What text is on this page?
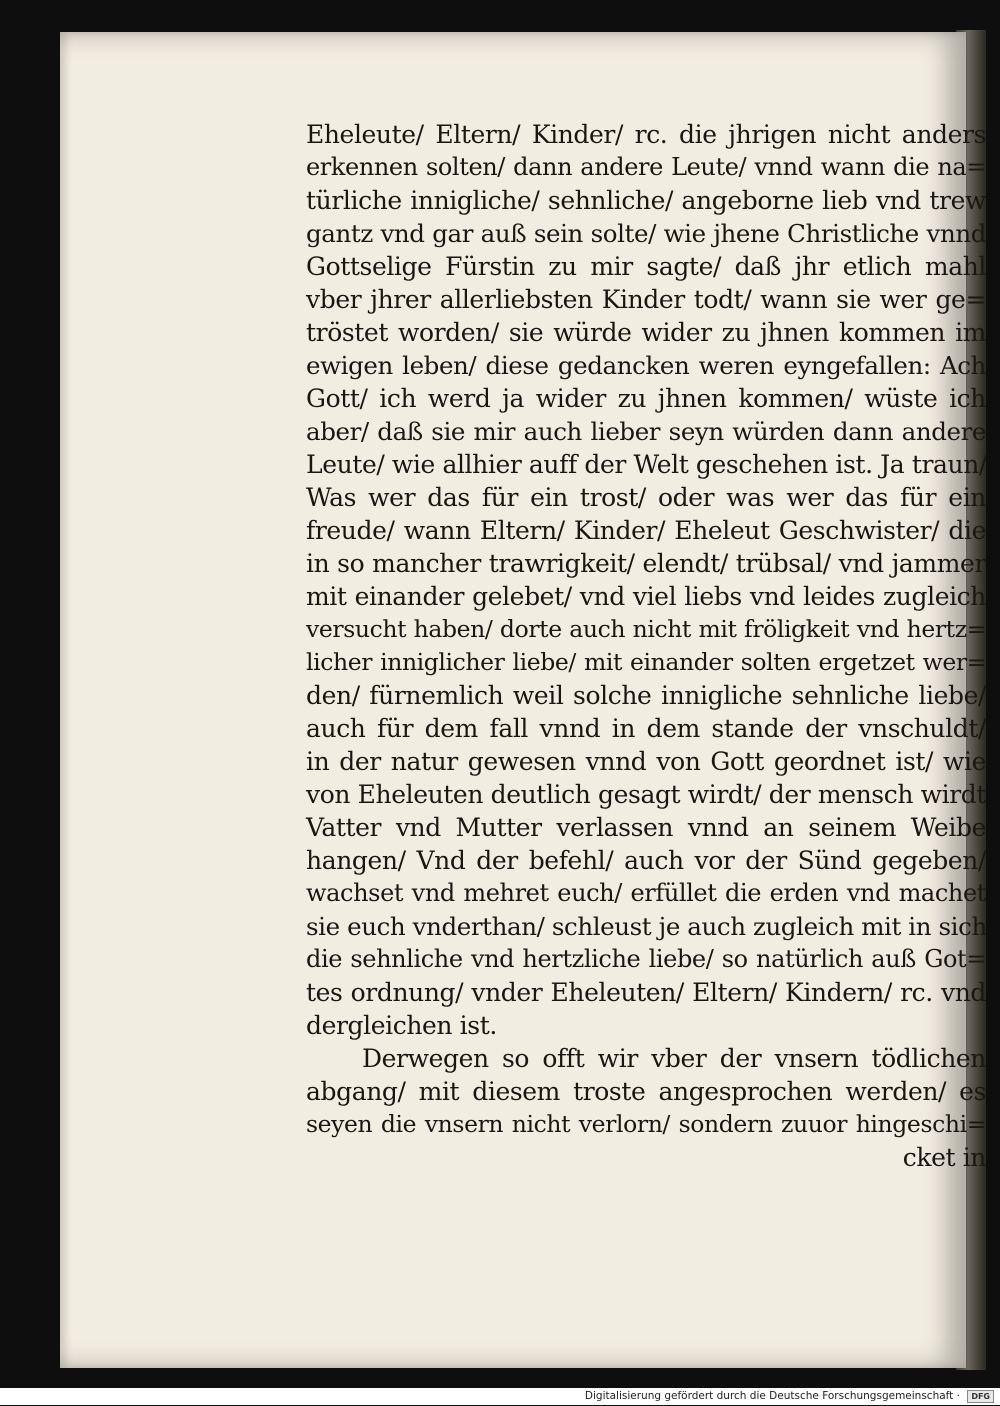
Eheleute/ Eltern/ Kinder/ rc. die jhrigen nicht anders
erkennen solten/ dann andere Leute/ vnnd wann die na=
türliche innigliche/ sehnliche/ angeborne lieb vnd trew
gantz vnd gar auß sein solte/ wie jhene Christliche vnnd
Gottselige Fürstin zu mir sagte/ daß jhr etlich mahl
vber jhrer allerliebsten Kinder todt/ wann sie wer ge=
tröstet worden/ sie würde wider zu jhnen kommen im
ewigen leben/ diese gedancken weren eyngefallen: Ach
Gott/ ich werd ja wider zu jhnen kommen/ wüste ich
aber/ daß sie mir auch lieber seyn würden dann andere
Leute/ wie allhier auff der Welt geschehen ist. Ja traun/
Was wer das für ein trost/ oder was wer das für ein
freude/ wann Eltern/ Kinder/ Eheleut Geschwister/ die
in so mancher trawrigkeit/ elendt/ trübsal/ vnd jammer
mit einander gelebet/ vnd viel liebs vnd leides zugleich
versucht haben/ dorte auch nicht mit fröligkeit vnd hertz=
licher inniglicher liebe/ mit einander solten ergetzet wer=
den/ fürnemlich weil solche innigliche sehnliche liebe/
auch für dem fall vnnd in dem stande der vnschuldt/
in der natur gewesen vnnd von Gott geordnet ist/ wie
von Eheleuten deutlich gesagt wirdt/ der mensch wirdt
Vatter vnd Mutter verlassen vnnd an seinem Weibe
hangen/ Vnd der befehl/ auch vor der Sünd gegeben/
wachset vnd mehret euch/ erfüllet die erden vnd machet
sie euch vnderthan/ schleust je auch zugleich mit in sich
die sehnliche vnd hertzliche liebe/ so natürlich auß Got=
tes ordnung/ vnder Eheleuten/ Eltern/ Kindern/ rc. vnd
dergleichen ist.
Derwegen so offt wir vber der vnsern tödlichen
abgang/ mit diesem troste angesprochen werden/ es
seyen die vnsern nicht verlorn/ sondern zuuor hingeschi=
cket in
Digitalisierung gefördert durch die Deutsche Forschungsgemeinschaft · DFG
